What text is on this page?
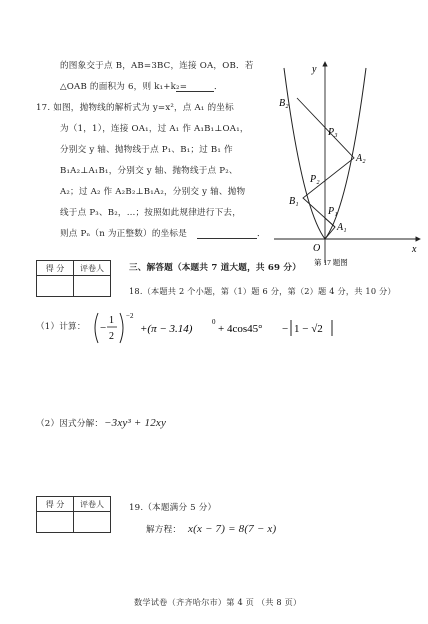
的图象交于点 B，AB=3BC，连接 OA，OB．若
△OAB 的面积为 6，则 k₁+k₂=	．
17. 如图，抛物线的解析式为 y=x²，点 A₁ 的坐标
为（1，1），连接 OA₁，过 A₁ 作 A₁B₁⊥OA₁，
分别交 y 轴、抛物线于点 P₁、B₁；过 B₁ 作
B₁A₂⊥A₁B₁，分别交 y 轴、抛物线于点 P₂、
A₂；过 A₂ 作 A₂B₂⊥B₁A₂，分别交 y 轴、抛物
线于点 P₃、B₂，…；按照如此规律进行下去，
则点 Pₙ（n 为正整数）的坐标是	．
y
x
O
B₂
P₃
A₂
P₂
B₁
P₁
A₁
第 17 题图
得 分	评卷人
		三、解答题（本题共 7 道大题，共 69 分）
18.（本题共 2 个小题，第（1）题 6 分，第（2）题 4 分，共 10 分）
（1）计算： −
1
2
−2
+(π − 3.14)
0
+ 4cos45° − 1 − √2
（2）因式分解： −3xy³ + 12xy
得 分	评卷人
		19.（本题满分 5 分）
解方程： x(x − 7) = 8(7 − x)
数学试卷（齐齐哈尔市）第 4 页 （共 8 页）
